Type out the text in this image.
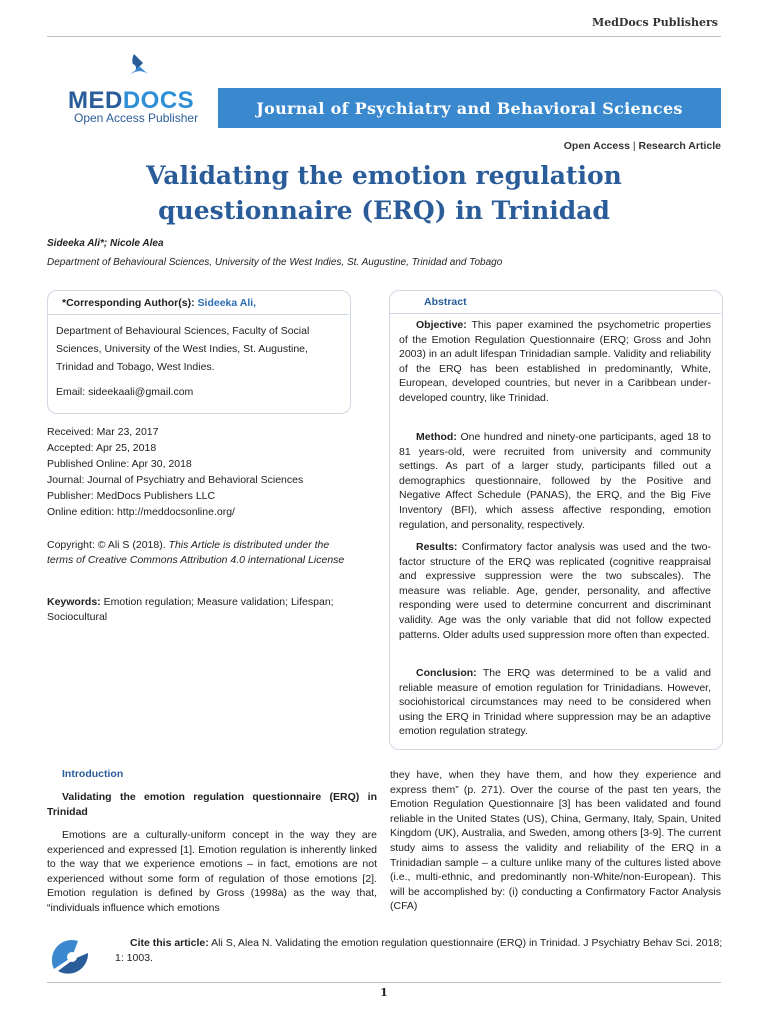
MedDocs Publishers
MEDDOCS
Open Access Publisher
Journal of Psychiatry and Behavioral Sciences
Open Access | Research Article
Validating the emotion regulation questionnaire (ERQ) in Trinidad
Sideeka Ali*; Nicole Alea
Department of Behavioural Sciences, University of the West Indies, St. Augustine, Trinidad and Tobago
*Corresponding Author(s): Sideeka Ali,
Department of Behavioural Sciences, Faculty of Social Sciences, University of the West Indies, St. Augustine, Trinidad and Tobago, West Indies.
Email: sideekaali@gmail.com
Received: Mar 23, 2017
Accepted: Apr 25, 2018
Published Online: Apr 30, 2018
Journal: Journal of Psychiatry and Behavioral Sciences
Publisher: MedDocs Publishers LLC
Online edition: http://meddocsonline.org/
Copyright: © Ali S (2018). This Article is distributed under the terms of Creative Commons Attribution 4.0 international License
Keywords: Emotion regulation; Measure validation; Lifespan; Sociocultural
Abstract
Objective: This paper examined the psychometric properties of the Emotion Regulation Questionnaire (ERQ; Gross and John 2003) in an adult lifespan Trinidadian sample. Validity and reliability of the ERQ has been established in predominantly, White, European, developed countries, but never in a Caribbean under-developed country, like Trinidad.
Method: One hundred and ninety-one participants, aged 18 to 81 years-old, were recruited from university and community settings. As part of a larger study, participants filled out a demographics questionnaire, followed by the Positive and Negative Affect Schedule (PANAS), the ERQ, and the Big Five Inventory (BFI), which assess affective responding, emotion regulation, and personality, respectively.
Results: Confirmatory factor analysis was used and the two-factor structure of the ERQ was replicated (cognitive reappraisal and expressive suppression were the two subscales). The measure was reliable. Age, gender, personality, and affective responding were used to determine concurrent and discriminant validity. Age was the only variable that did not follow expected patterns. Older adults used suppression more often than expected.
Conclusion: The ERQ was determined to be a valid and reliable measure of emotion regulation for Trinidadians. However, sociohistorical circumstances may need to be considered when using the ERQ in Trinidad where suppression may be an adaptive emotion regulation strategy.
Introduction
Validating the emotion regulation questionnaire (ERQ) in Trinidad
Emotions are a culturally-uniform concept in the way they are experienced and expressed [1]. Emotion regulation is inherently linked to the way that we experience emotions – in fact, emotions are not experienced without some form of regulation of those emotions [2]. Emotion regulation is defined by Gross (1998a) as the way that, “individuals influence which emotions
they have, when they have them, and how they experience and express them” (p. 271). Over the course of the past ten years, the Emotion Regulation Questionnaire [3] has been validated and found reliable in the United States (US), China, Germany, Italy, Spain, United Kingdom (UK), Australia, and Sweden, among others [3-9]. The current study aims to assess the validity and reliability of the ERQ in a Trinidadian sample – a culture unlike many of the cultures listed above (i.e., multi-ethnic, and predominantly non-White/non-European). This will be accomplished by: (i) conducting a Confirmatory Factor Analysis (CFA)
Cite this article: Ali S, Alea N. Validating the emotion regulation questionnaire (ERQ) in Trinidad. J Psychiatry Behav Sci. 2018; 1: 1003.
1
